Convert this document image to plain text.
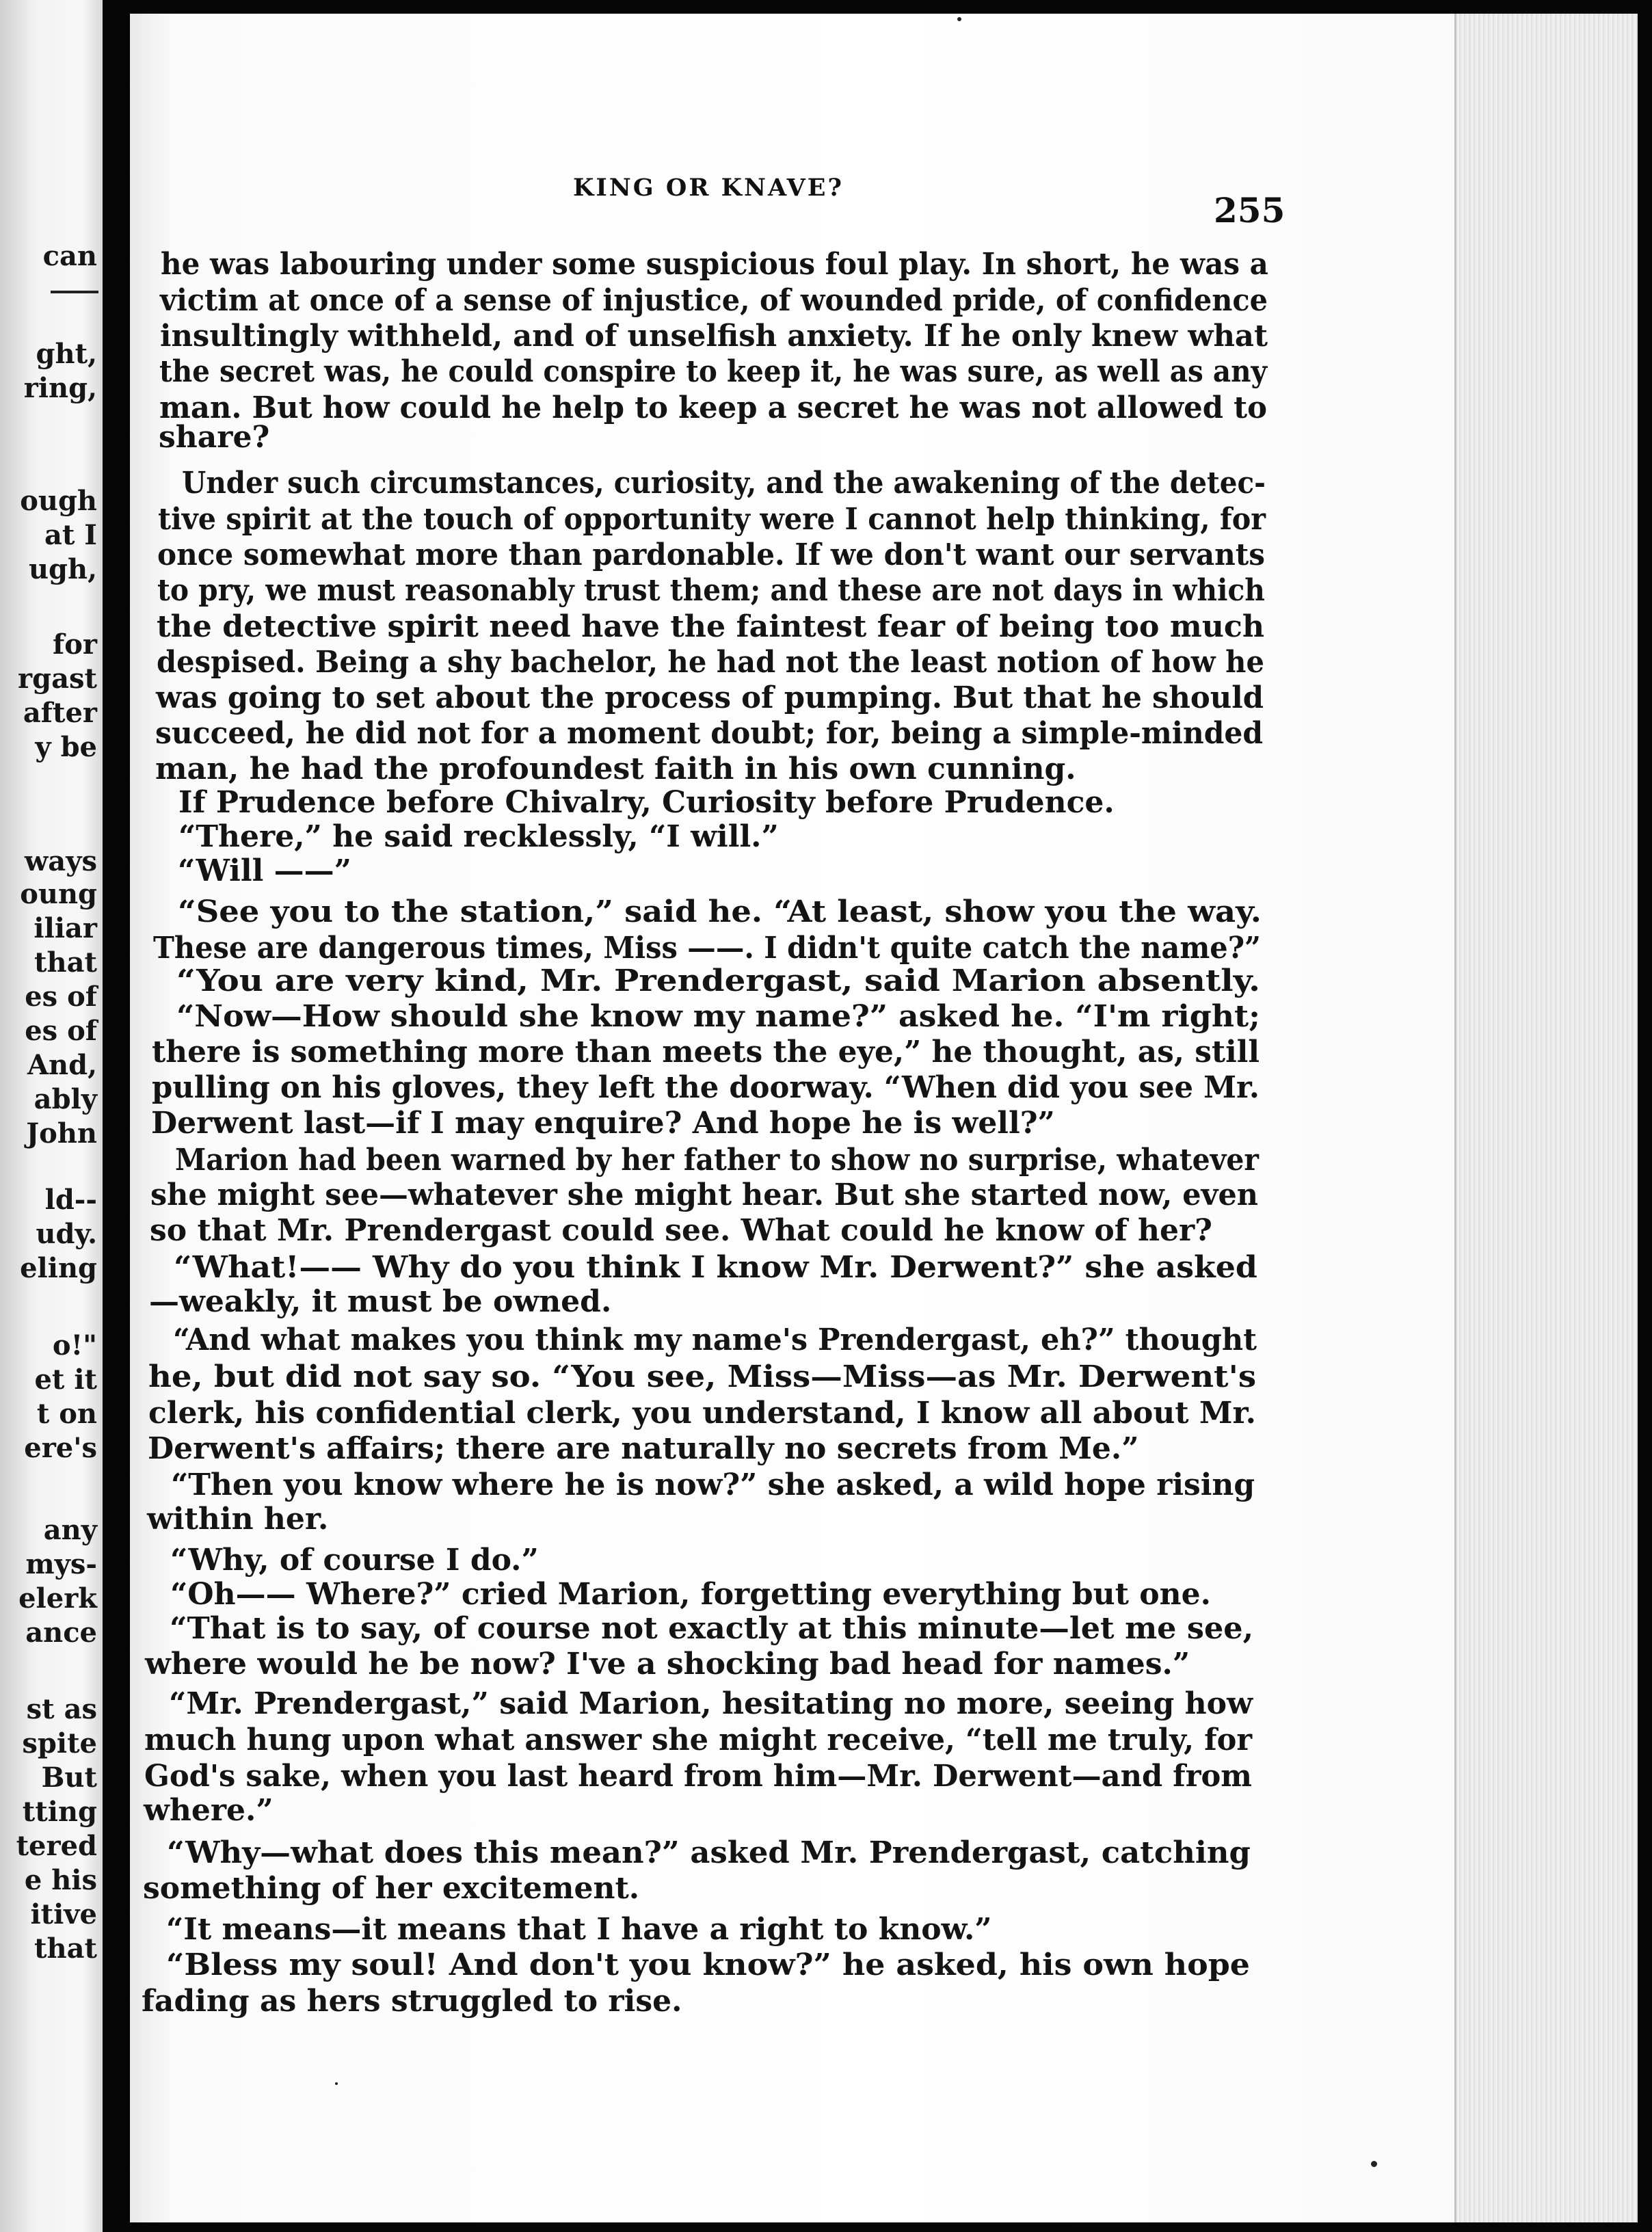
can
ght,
ring,
ough
at I
ugh,
for
rgast
after
y be
ways
oung
iliar
that
es of
es of
And,
ably
John
ld--
udy.
eling
o!"
et it
t on
ere's
any
mys-
elerk
ance
st as
spite
But
tting
tered
e his
itive
that
KING OR KNAVE?
255
he was labouring under some suspicious foul play. In short, he was a
victim at once of a sense of injustice, of wounded pride, of confidence
insultingly withheld, and of unselfish anxiety. If he only knew what
the secret was, he could conspire to keep it, he was sure, as well as any
man. But how could he help to keep a secret he was not allowed to
share?
Under such circumstances, curiosity, and the awakening of the detec-
tive spirit at the touch of opportunity were I cannot help thinking, for
once somewhat more than pardonable. If we don't want our servants
to pry, we must reasonably trust them; and these are not days in which
the detective spirit need have the faintest fear of being too much
despised. Being a shy bachelor, he had not the least notion of how he
was going to set about the process of pumping. But that he should
succeed, he did not for a moment doubt; for, being a simple-minded
man, he had the profoundest faith in his own cunning.
If Prudence before Chivalry, Curiosity before Prudence.
“There,” he said recklessly, “I will.”
“Will ——”
“See you to the station,” said he. “At least, show you the way.
These are dangerous times, Miss ——. I didn't quite catch the name?”
“You are very kind, Mr. Prendergast, said Marion absently.
“Now—How should she know my name?” asked he. “I'm right;
there is something more than meets the eye,” he thought, as, still
pulling on his gloves, they left the doorway. “When did you see Mr.
Derwent last—if I may enquire? And hope he is well?”
Marion had been warned by her father to show no surprise, whatever
she might see—whatever she might hear. But she started now, even
so that Mr. Prendergast could see. What could he know of her?
“What!—— Why do you think I know Mr. Derwent?” she asked
—weakly, it must be owned.
“And what makes you think my name's Prendergast, eh?” thought
he, but did not say so. “You see, Miss—Miss—as Mr. Derwent's
clerk, his confidential clerk, you understand, I know all about Mr.
Derwent's affairs; there are naturally no secrets from Me.”
“Then you know where he is now?” she asked, a wild hope rising
within her.
“Why, of course I do.”
“Oh—— Where?” cried Marion, forgetting everything but one.
“That is to say, of course not exactly at this minute—let me see,
where would he be now? I've a shocking bad head for names.”
“Mr. Prendergast,” said Marion, hesitating no more, seeing how
much hung upon what answer she might receive, “tell me truly, for
God's sake, when you last heard from him—Mr. Derwent—and from
where.”
“Why—what does this mean?” asked Mr. Prendergast, catching
something of her excitement.
“It means—it means that I have a right to know.”
“Bless my soul! And don't you know?” he asked, his own hope
fading as hers struggled to rise.
